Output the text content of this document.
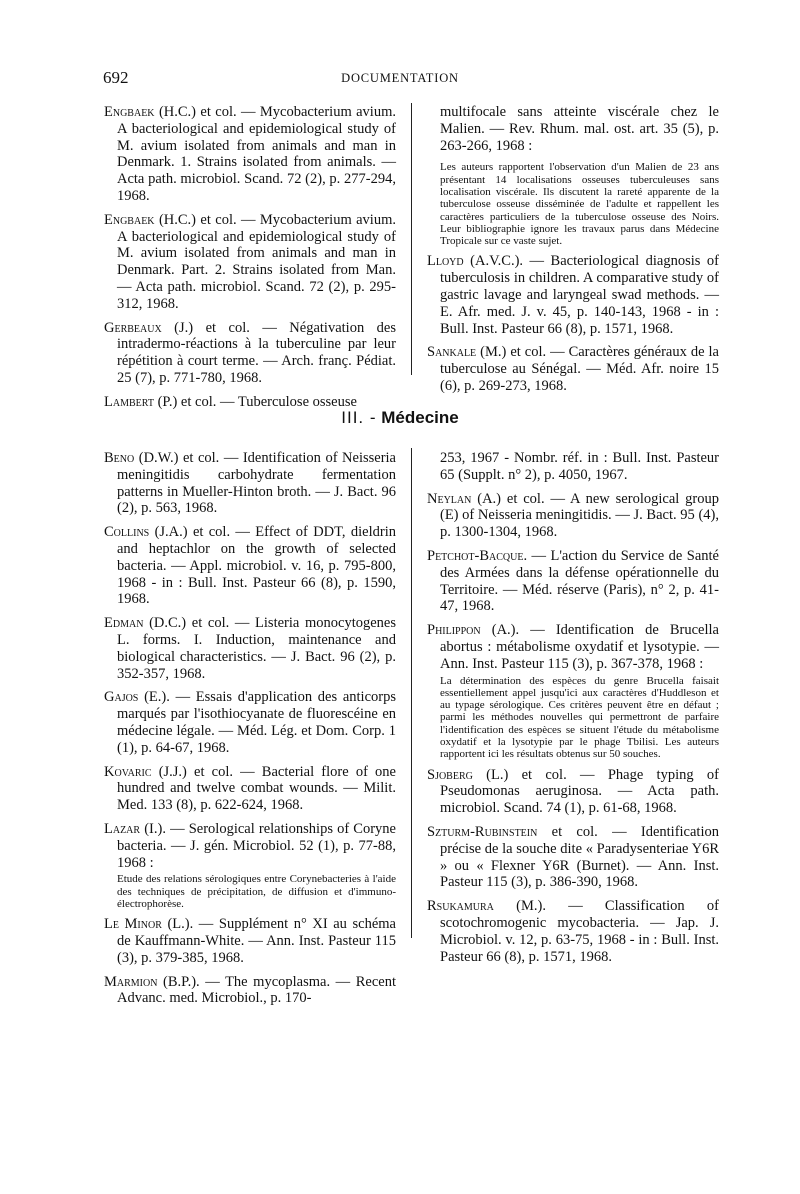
692	DOCUMENTATION

Engbaek (H.C.) et col. — Mycobacterium avium. A bacteriological and epidemiological study of M. avium isolated from animals and man in Denmark. 1. Strains isolated from animals. — Acta path. microbiol. Scand. 72 (2), p. 277-294, 1968.

Engbaek (H.C.) et col. — Mycobacterium avium. A bacteriological and epidemiological study of M. avium isolated from animals and man in Denmark. Part. 2. Strains isolated from Man. — Acta path. microbiol. Scand. 72 (2), p. 295-312, 1968.

Gerbeaux (J.) et col. — Négativation des intradermo-réactions à la tuberculine par leur répétition à court terme. — Arch. franç. Pédiat. 25 (7), p. 771-780, 1968.

Lambert (P.) et col. — Tuberculose osseuse

multifocale sans atteinte viscérale chez le Malien. — Rev. Rhum. mal. ost. art. 35 (5), p. 263-266, 1968 :

Les auteurs rapportent l'observation d'un Malien de 23 ans présentant 14 localisations osseuses tuberculeuses sans localisation viscérale. Ils discutent la rareté apparente de la tuberculose osseuse disséminée de l'adulte et rappellent les caractères particuliers de la tuberculose osseuse des Noirs. Leur bibliographie ignore les travaux parus dans Médecine Tropicale sur ce vaste sujet.

Lloyd (A.V.C.). — Bacteriological diagnosis of tuberculosis in children. A comparative study of gastric lavage and laryngeal swad methods. — E. Afr. med. J. v. 45, p. 140-143, 1968 - in : Bull. Inst. Pasteur 66 (8), p. 1571, 1968.

Sankale (M.) et col. — Caractères généraux de la tuberculose au Sénégal. — Méd. Afr. noire 15 (6), p. 269-273, 1968.

III. - Médecine

Beno (D.W.) et col. — Identification of Neisseria meningitidis carbohydrate fermentation patterns in Mueller-Hinton broth. — J. Bact. 96 (2), p. 563, 1968.

Collins (J.A.) et col. — Effect of DDT, dieldrin and heptachlor on the growth of selected bacteria. — Appl. microbiol. v. 16, p. 795-800, 1968 - in : Bull. Inst. Pasteur 66 (8), p. 1590, 1968.

Edman (D.C.) et col. — Listeria monocytogenes L. forms. I. Induction, maintenance and biological characteristics. — J. Bact. 96 (2), p. 352-357, 1968.

Gajos (E.). — Essais d'application des anticorps marqués par l'isothiocyanate de fluorescéine en médecine légale. — Méd. Lég. et Dom. Corp. 1 (1), p. 64-67, 1968.

Kovaric (J.J.) et col. — Bacterial flore of one hundred and twelve combat wounds. — Milit. Med. 133 (8), p. 622-624, 1968.

Lazar (I.). — Serological relationships of Coryne bacteria. — J. gén. Microbiol. 52 (1), p. 77-88, 1968 :

Etude des relations sérologiques entre Corynebacteries à l'aide des techniques de précipitation, de diffusion et d'immuno-électrophorèse.

Le Minor (L.). — Supplément n° XI au schéma de Kauffmann-White. — Ann. Inst. Pasteur 115 (3), p. 379-385, 1968.

Marmion (B.P.). — The mycoplasma. — Recent Advanc. med. Microbiol., p. 170-

253, 1967 - Nombr. réf. in : Bull. Inst. Pasteur 65 (Supplt. n° 2), p. 4050, 1967.

Neylan (A.) et col. — A new serological group (E) of Neisseria meningitidis. — J. Bact. 95 (4), p. 1300-1304, 1968.

Petchot-Bacque. — L'action du Service de Santé des Armées dans la défense opérationnelle du Territoire. — Méd. réserve (Paris), n° 2, p. 41-47, 1968.

Philippon (A.). — Identification de Brucella abortus : métabolisme oxydatif et lysotypie. — Ann. Inst. Pasteur 115 (3), p. 367-378, 1968 :

La détermination des espèces du genre Brucella faisait essentiellement appel jusqu'ici aux caractères d'Huddleson et au typage sérologique. Ces critères peuvent être en défaut ; parmi les méthodes nouvelles qui permettront de parfaire l'identification des espèces se situent l'étude du métabolisme oxydatif et la lysotypie par le phage Tbilisi. Les auteurs rapportent ici les résultats obtenus sur 50 souches.

Sjoberg (L.) et col. — Phage typing of Pseudomonas aeruginosa. — Acta path. microbiol. Scand. 74 (1), p. 61-68, 1968.

Szturm-Rubinstein et col. — Identification précise de la souche dite « Paradysenteriae Y6R » ou « Flexner Y6R (Burnet). — Ann. Inst. Pasteur 115 (3), p. 386-390, 1968.

Rsukamura (M.). — Classification of scotochromogenic mycobacteria. — Jap. J. Microbiol. v. 12, p. 63-75, 1968 - in : Bull. Inst. Pasteur 66 (8), p. 1571, 1968.
